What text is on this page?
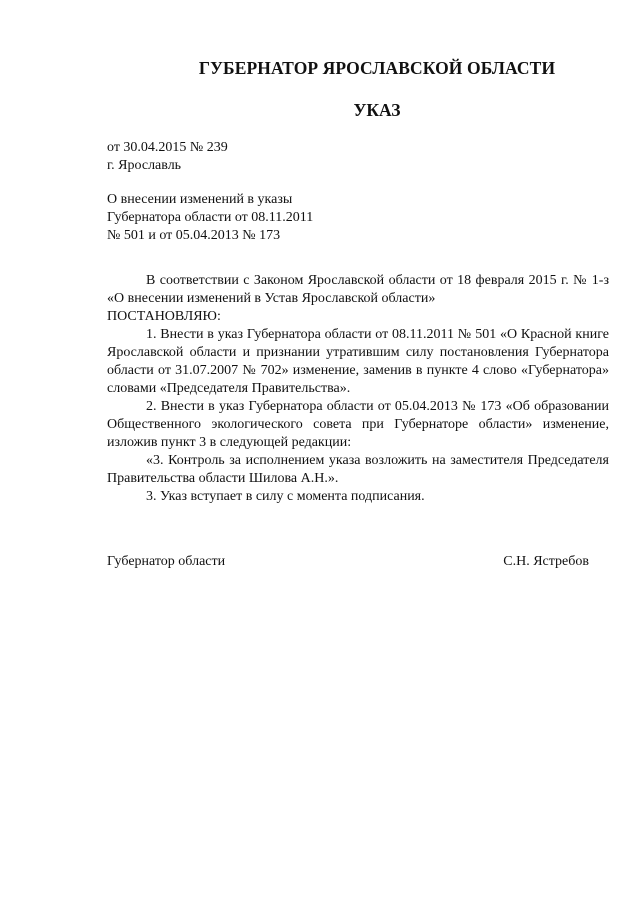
ГУБЕРНАТОР ЯРОСЛАВСКОЙ ОБЛАСТИ
УКАЗ
от 30.04.2015 № 239
г. Ярославль
О внесении изменений в указы
Губернатора области от 08.11.2011
№ 501 и от 05.04.2013 № 173

В соответствии с Законом Ярославской области от 18 февраля 2015 г. № 1-з «О внесении изменений в Устав Ярославской области»

ПОСТАНОВЛЯЮ:

1. Внести в указ Губернатора области от 08.11.2011 № 501 «О Красной книге Ярославской области и признании утратившим силу постановления Губернатора области от 31.07.2007 № 702» изменение, заменив в пункте 4 слово «Губернатора» словами «Председателя Правительства».

2. Внести в указ Губернатора области от 05.04.2013 № 173 «Об образовании Общественного экологического совета при Губернаторе области» изменение, изложив пункт 3 в следующей редакции:

«3. Контроль за исполнением указа возложить на заместителя Председателя Правительства области Шилова А.Н.».

3. Указ вступает в силу с момента подписания.

Губернатор области	С.Н. Ястребов
